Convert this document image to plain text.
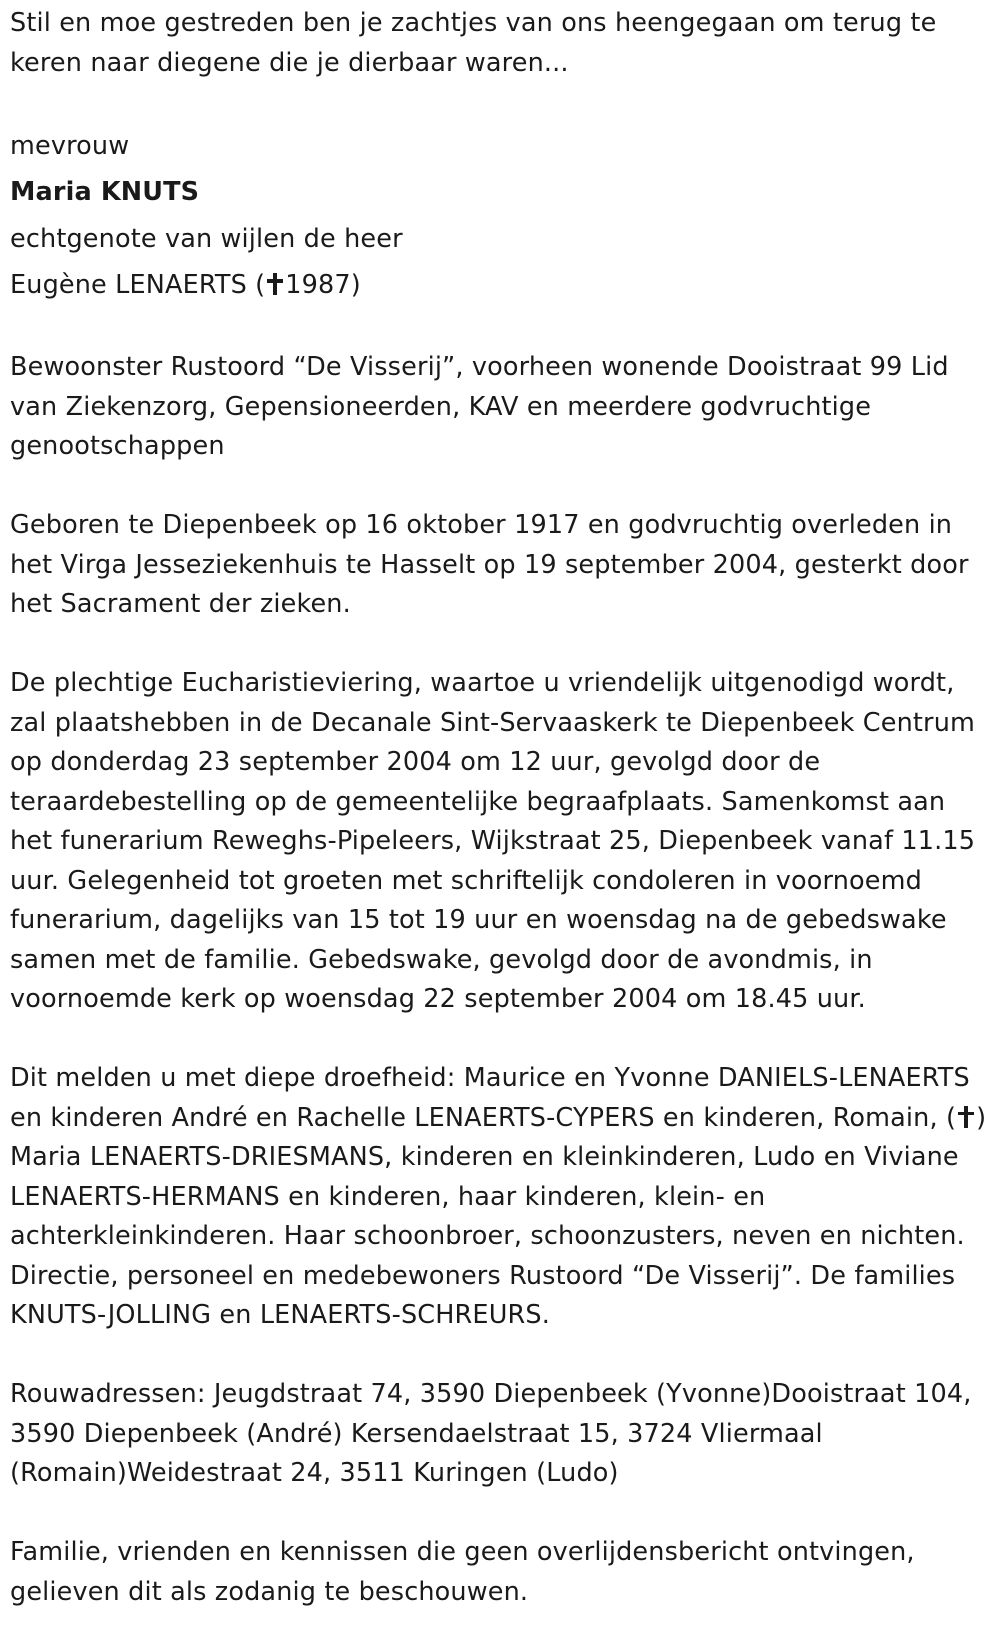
Stil en moe gestreden ben je zachtjes van ons heengegaan om terug te keren naar diegene die je dierbaar waren...

mevrouw
Maria KNUTS
echtgenote van wijlen de heer
Eugène LENAERTS ( 1987)

Bewoonster Rustoord “De Visserij”, voorheen wonende Dooistraat 99 Lid van Ziekenzorg, Gepensioneerden, KAV en meerdere godvruchtige genootschappen

Geboren te Diepenbeek op 16 oktober 1917 en godvruchtig overleden in het Virga Jesseziekenhuis te Hasselt op 19 september 2004, gesterkt door het Sacrament der zieken.

De plechtige Eucharistieviering, waartoe u vriendelijk uitgenodigd wordt, zal plaatshebben in de Decanale Sint-Servaaskerk te Diepenbeek Centrum op donderdag 23 september 2004 om 12 uur, gevolgd door de teraardebestelling op de gemeentelijke begraafplaats. Samenkomst aan het funerarium Reweghs-Pipeleers, Wijkstraat 25, Diepenbeek vanaf 11.15 uur. Gelegenheid tot groeten met schriftelijk condoleren in voornoemd funerarium, dagelijks van 15 tot 19 uur en woensdag na de gebedswake samen met de familie. Gebedswake, gevolgd door de avondmis, in voornoemde kerk op woensdag 22 september 2004 om 18.45 uur.

Dit melden u met diepe droefheid: Maurice en Yvonne DANIELS-LENAERTS en kinderen André en Rachelle LENAERTS-CYPERS en kinderen, Romain, ( ) Maria LENAERTS-DRIESMANS, kinderen en kleinkinderen, Ludo en Viviane LENAERTS-HERMANS en kinderen, haar kinderen, klein- en achterkleinkinderen. Haar schoonbroer, schoonzusters, neven en nichten. Directie, personeel en medebewoners Rustoord “De Visserij”. De families KNUTS-JOLLING en LENAERTS-SCHREURS.

Rouwadressen: Jeugdstraat 74, 3590 Diepenbeek (Yvonne)Dooistraat 104, 3590 Diepenbeek (André) Kersendaelstraat 15, 3724 Vliermaal (Romain)Weidestraat 24, 3511 Kuringen (Ludo)

Familie, vrienden en kennissen die geen overlijdensbericht ontvingen, gelieven dit als zodanig te beschouwen.
